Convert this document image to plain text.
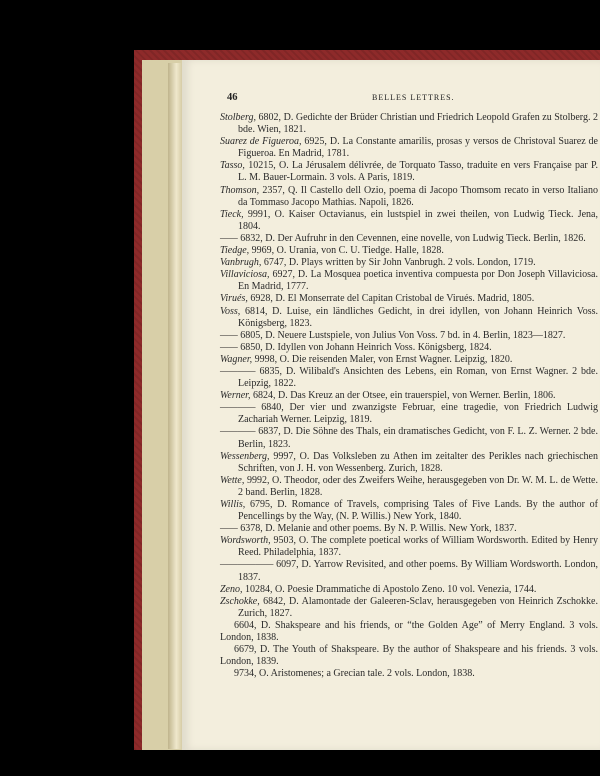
46	BELLES LETTRES.

Stolberg, 6802, D. Gedichte der Brüder Christian und Friedrich Leopold Grafen zu Stolberg. 2 bde. Wien, 1821.

Suarez de Figueroa, 6925, D. La Constante amarilis, prosas y versos de Christoval Suarez de Figueroa. En Madrid, 1781.

Tasso, 10215, O. La Jérusalem délivrée, de Torquato Tasso, traduite en vers Française par P. L. M. Bauer-Lormain. 3 vols. A Paris, 1819.

Thomson, 2357, Q. Il Castello dell Ozio, poema di Jacopo Thomsom recato in verso Italiano da Tommaso Jacopo Mathias. Napoli, 1826.

Tieck, 9991, O. Kaiser Octavianus, ein lustspiel in zwei theilen, von Ludwig Tieck. Jena, 1804.

—— 6832, D. Der Aufruhr in den Cevennen, eine novelle, von Ludwig Tieck. Berlin, 1826.

Tiedge, 9969, O. Urania, von C. U. Tiedge. Halle, 1828.

Vanbrugh, 6747, D. Plays written by Sir John Vanbrugh. 2 vols. London, 1719.

Villaviciosa, 6927, D. La Mosquea poetica inventiva compuesta por Don Joseph Villaviciosa. En Madrid, 1777.

Virués, 6928, D. El Monserrate del Capitan Cristobal de Virués. Madrid, 1805.

Voss, 6814, D. Luise, ein ländliches Gedicht, in drei idyllen, von Johann Heinrich Voss. Königsberg, 1823.

—— 6805, D. Neuere Lustspiele, von Julius Von Voss. 7 bd. in 4. Berlin, 1823—1827.

—— 6850, D. Idyllen von Johann Heinrich Voss. Königsberg, 1824.

Wagner, 9998, O. Die reisenden Maler, von Ernst Wagner. Leipzig, 1820.

———— 6835, D. Wilibald's Ansichten des Lebens, ein Roman, von Ernst Wagner. 2 bde. Leipzig, 1822.

Werner, 6824, D. Das Kreuz an der Otsee, ein trauerspiel, von Werner. Berlin, 1806.

———— 6840, Der vier und zwanzigste Februar, eine tragedie, von Friedrich Ludwig Zachariah Werner. Leipzig, 1819.

———— 6837, D. Die Söhne des Thals, ein dramatisches Gedicht, von F. L. Z. Werner. 2 bde. Berlin, 1823.

Wessenberg, 9997, O. Das Volksleben zu Athen im zeitalter des Perikles nach griechischen Schriften, von J. H. von Wessenberg. Zurich, 1828.

Wette, 9992, O. Theodor, oder des Zweifers Weihe, herausgegeben von Dr. W. M. L. de Wette. 2 band. Berlin, 1828.

Willis, 6795, D. Romance of Travels, comprising Tales of Five Lands. By the author of Pencellings by the Way, (N. P. Willis.) New York, 1840.

—— 6378, D. Melanie and other poems. By N. P. Willis. New York, 1837.

Wordsworth, 9503, O. The complete poetical works of William Wordsworth. Edited by Henry Reed. Philadelphia, 1837.

—————— 6097, D. Yarrow Revisited, and other poems. By William Wordsworth. London, 1837.

Zeno, 10284, O. Poesie Drammatiche di Apostolo Zeno. 10 vol. Venezia, 1744.

Zschokke, 6842, D. Alamontade der Galeeren-Sclav, herausgegeben von Heinrich Zschokke. Zurich, 1827.

6604, D. Shakspeare and his friends, or “the Golden Age” of Merry England. 3 vols. London, 1838.

6679, D. The Youth of Shakspeare. By the author of Shakspeare and his friends. 3 vols. London, 1839.

9734, O. Aristomenes; a Grecian tale. 2 vols. London, 1838.
